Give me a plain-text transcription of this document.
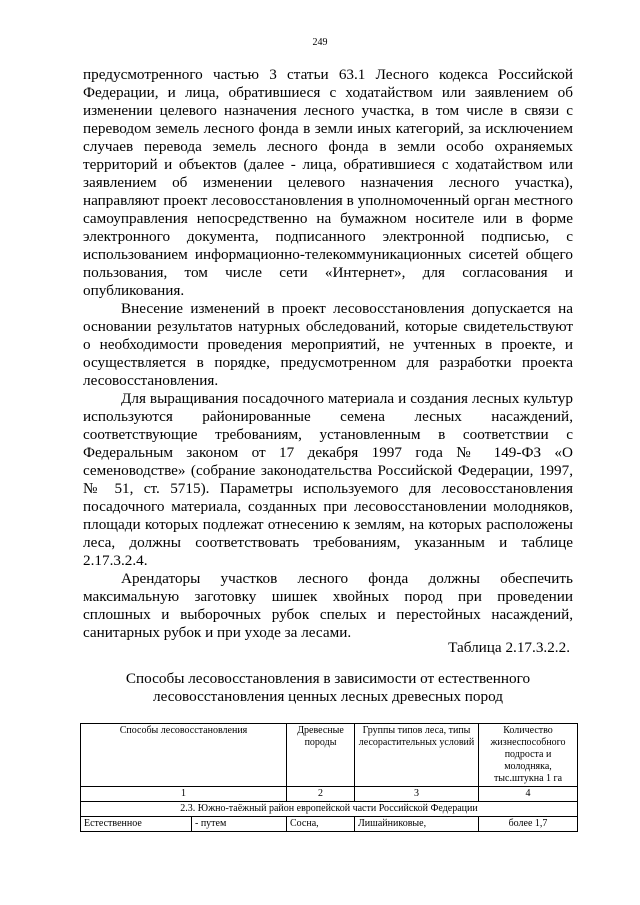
249

предусмотренного частью 3 статьи 63.1 Лесного кодекса Российской Федерации, и лица, обратившиеся с ходатайством или заявлением об изменении целевого назначения лесного участка, в том числе в связи с переводом земель лесного фонда в земли иных категорий, за исключением случаев перевода земель лесного фонда в земли особо охраняемых территорий и объектов (далее - лица, обратившиеся с ходатайством или заявлением об изменении целевого назначения лесного участка), направляют проект лесовосстановления в уполномоченный орган местного самоуправления непосредственно на бумажном носителе или в форме электронного документа, подписанного электронной подписью, с использованием информационно-телекоммуникационных сисетей общего пользования, том числе сети «Интернет», для согласования и опубликования.

Внесение изменений в проект лесовосстановления допускается на основании результатов натурных обследований, которые свидетельствуют о необходимости проведения мероприятий, не учтенных в проекте, и осуществляется в порядке, предусмотренном для разработки проекта лесовосстановления.

Для выращивания посадочного материала и создания лесных культур используются районированные семена лесных насаждений, соответствующие требованиям, установленным в соответствии с Федеральным законом от 17 декабря 1997 года № 149-ФЗ «О семеноводстве» (собрание законодательства Российской Федерации, 1997, № 51, ст. 5715). Параметры используемого для лесовосстановления посадочного материала, созданных при лесовосстановлении молодняков, площади которых подлежат отнесению к землям, на которых расположены леса, должны соответствовать требованиям, указанным и таблице 2.17.3.2.4.

Арендаторы участков лесного фонда должны обеспечить максимальную заготовку шишек хвойных пород при проведении сплошных и выборочных рубок спелых и перестойных насаждений, санитарных рубок и при уходе за лесами.

Таблица 2.17.3.2.2.
Способы лесовосстановления в зависимости от естественного
лесовосстановления ценных лесных древесных пород
Способы лесовосстановления		Древесные породы	Группы типов леса, типы лесорастительных условий	Количество жизнеспособного подроста и молодняка, тыс.штукна 1 га
1		2	3	4
2.3. Южно-таёжный район европейской части Российской Федерации				
Естественное	- путем	Сосна,	Лишайниковые,	более 1,7
